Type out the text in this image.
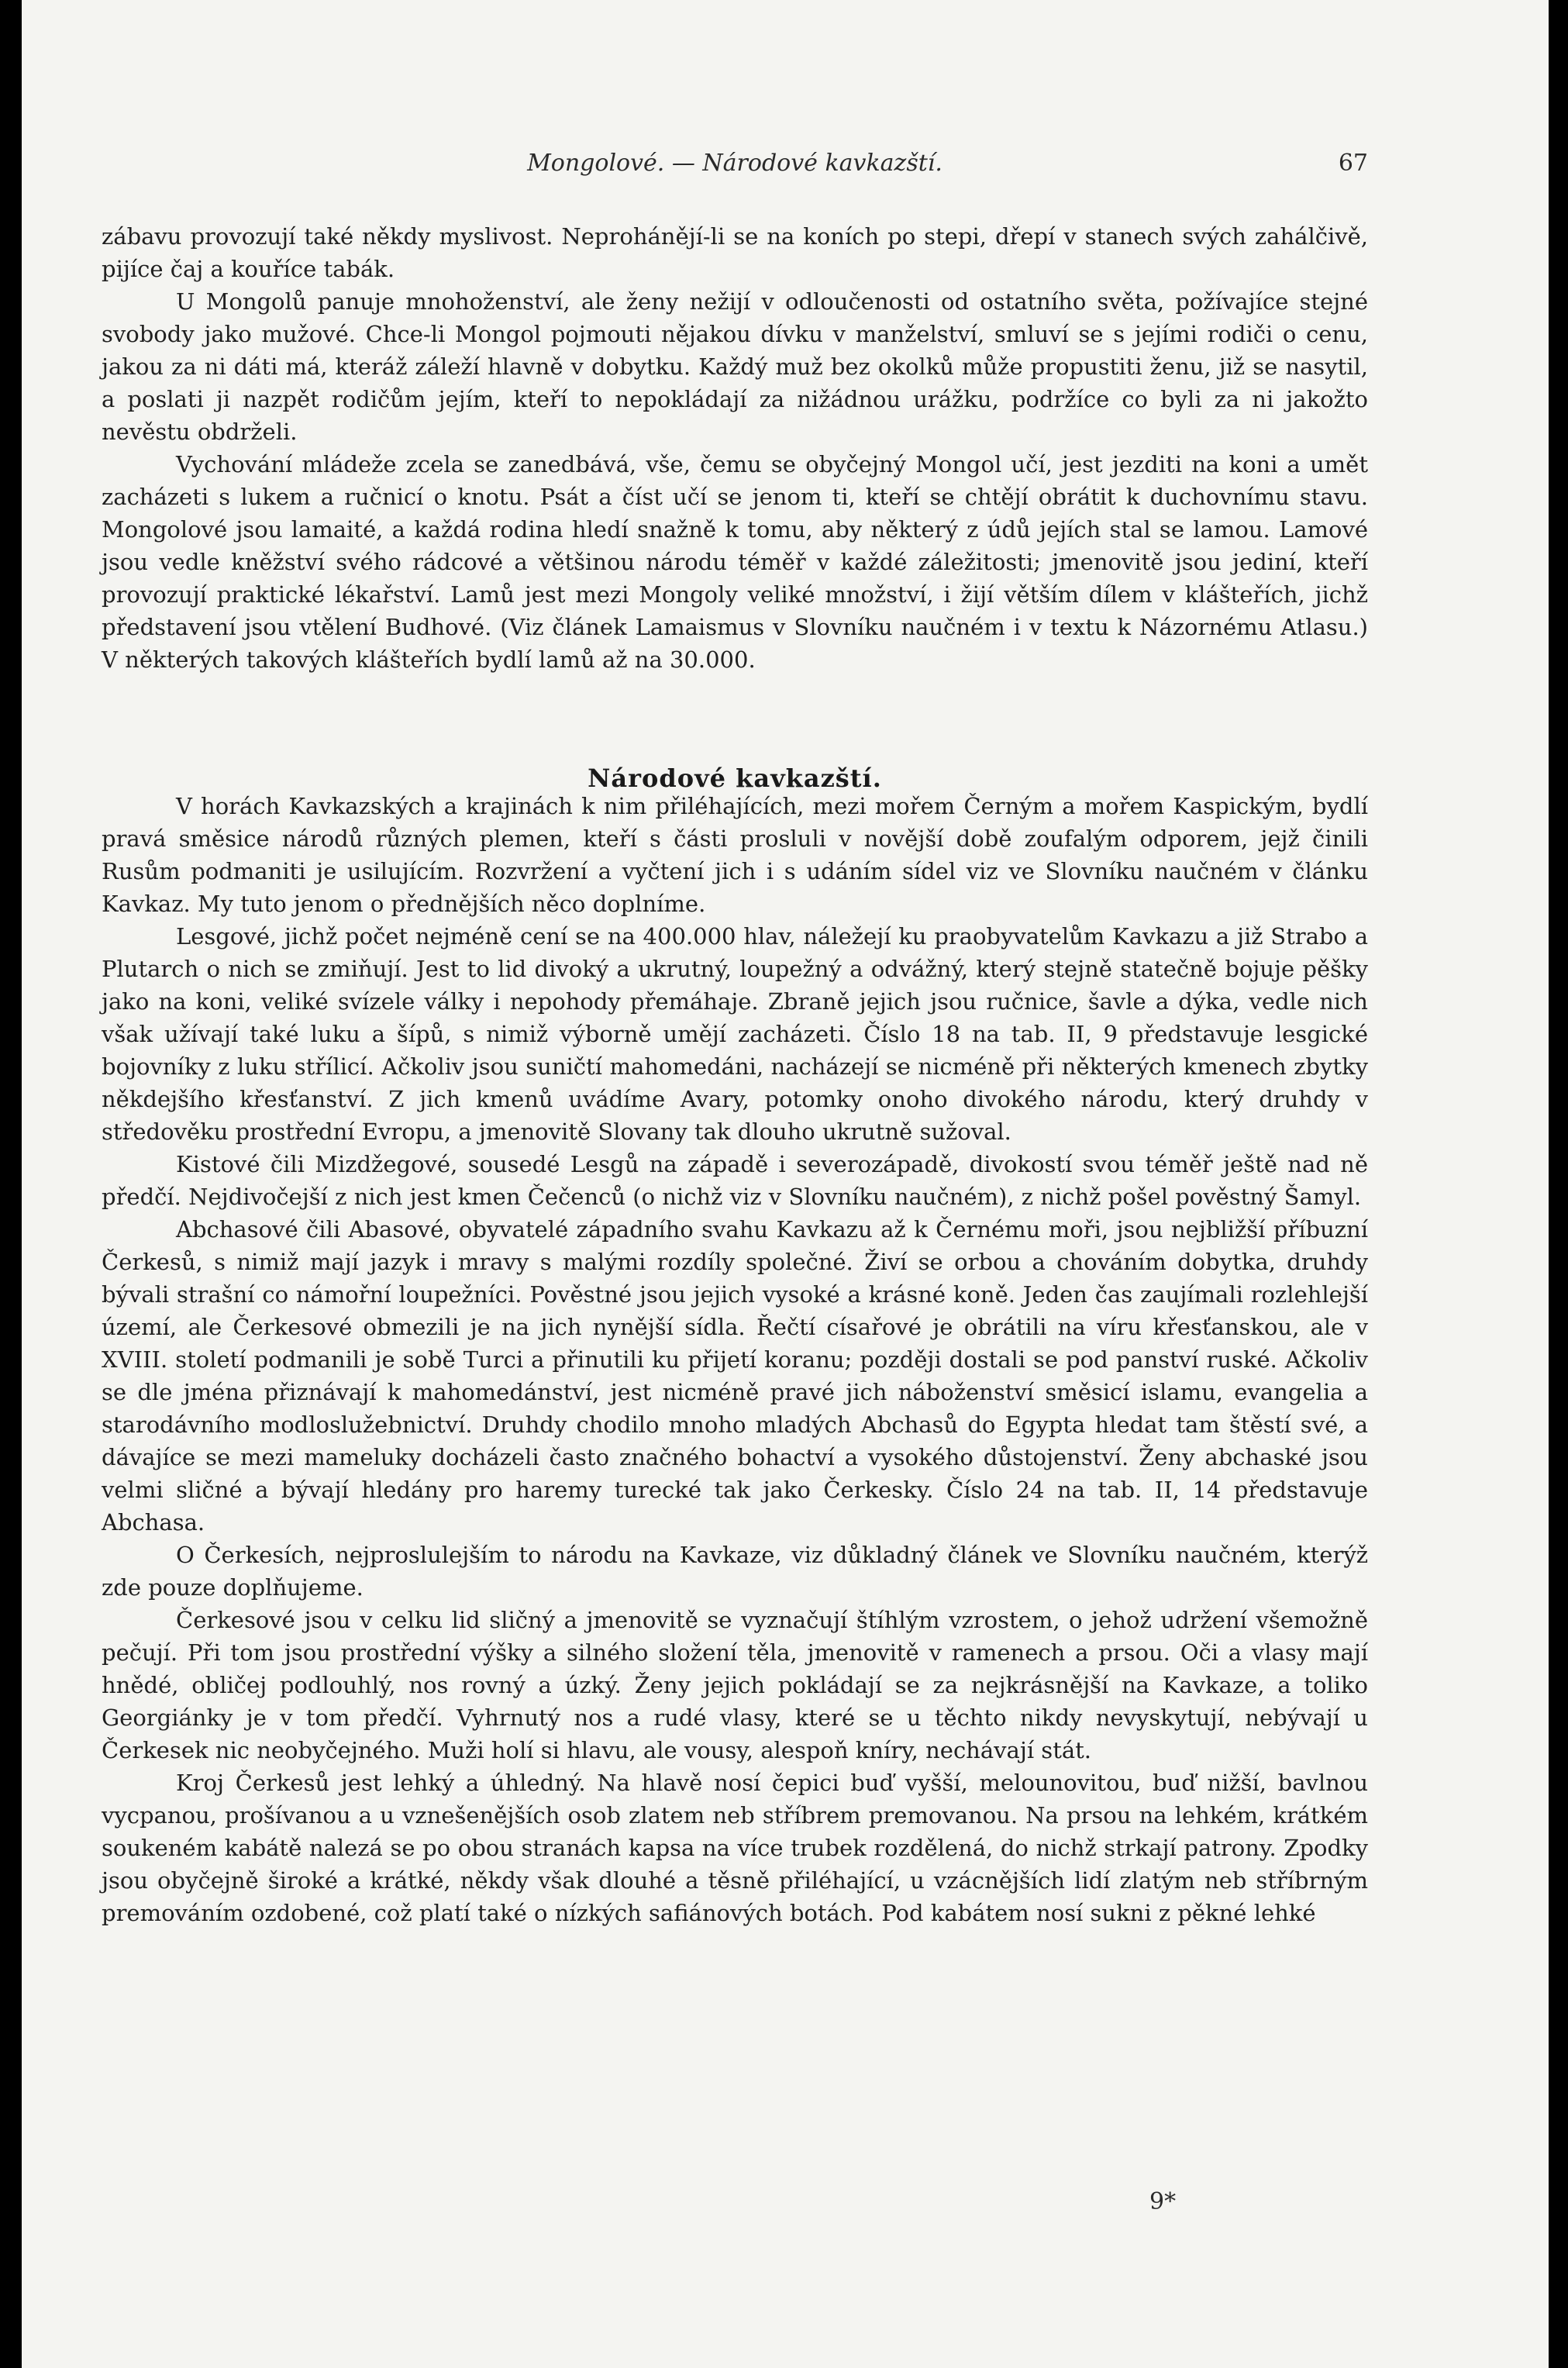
Mongolové. — Národové kavkazští.	67

zábavu provozují také někdy myslivost. Neprohánějí-li se na koních po stepi, dřepí v stanech svých zahálčivě, pijíce čaj a kouříce tabák.

U Mongolů panuje mnohoženství, ale ženy nežijí v odloučenosti od ostatního světa, požívajíce stejné svobody jako mužové. Chce-li Mongol pojmouti nějakou dívku v manželství, smluví se s jejími rodiči o cenu, jakou za ni dáti má, kteráž záleží hlavně v dobytku. Každý muž bez okolků může propustiti ženu, již se nasytil, a poslati ji nazpět rodičům jejím, kteří to nepokládají za nižádnou urážku, podržíce co byli za ni jakožto nevěstu obdrželi.

Vychování mládeže zcela se zanedbává, vše, čemu se obyčejný Mongol učí, jest jezditi na koni a umět zacházeti s lukem a ručnicí o knotu. Psát a číst učí se jenom ti, kteří se chtějí obrátit k duchovnímu stavu. Mongolové jsou lamaité, a každá rodina hledí snažně k tomu, aby některý z údů jejích stal se lamou. Lamové jsou vedle kněžství svého rádcové a většinou národu téměř v každé záležitosti; jmenovitě jsou jediní, kteří provozují praktické lékařství. Lamů jest mezi Mongoly veliké množství, i žijí větším dílem v klášteřích, jichž představení jsou vtělení Budhové. (Viz článek Lamaismus v Slovníku naučném i v textu k Názornému Atlasu.) V některých takových klášteřích bydlí lamů až na 30.000.

Národové kavkazští.

V horách Kavkazských a krajinách k nim přiléhajících, mezi mořem Černým a mořem Kaspickým, bydlí pravá směsice národů různých plemen, kteří s části prosluli v novější době zoufalým odporem, jejž činili Rusům podmaniti je usilujícím. Rozvržení a vyčtení jich i s udáním sídel viz ve Slovníku naučném v článku Kavkaz. My tuto jenom o přednějších něco doplníme.

Lesgové, jichž počet nejméně cení se na 400.000 hlav, náležejí ku praobyvatelům Kavkazu a již Strabo a Plutarch o nich se zmiňují. Jest to lid divoký a ukrutný, loupežný a odvážný, který stejně statečně bojuje pěšky jako na koni, veliké svízele války i nepohody přemáhaje. Zbraně jejich jsou ručnice, šavle a dýka, vedle nich však užívají také luku a šípů, s nimiž výborně umějí zacházeti. Číslo 18 na tab. II, 9 představuje lesgické bojovníky z luku střílicí. Ačkoliv jsou suničtí mahomedáni, nacházejí se nicméně při některých kmenech zbytky někdejšího křesťanství. Z jich kmenů uvádíme Avary, potomky onoho divokého národu, který druhdy v středověku prostřední Evropu, a jmenovitě Slovany tak dlouho ukrutně sužoval.

Kistové čili Mizdžegové, sousedé Lesgů na západě i severozápadě, divokostí svou téměř ještě nad ně předčí. Nejdivočejší z nich jest kmen Čečenců (o nichž viz v Slovníku naučném), z nichž pošel pověstný Šamyl.

Abchasové čili Abasové, obyvatelé západního svahu Kavkazu až k Černému moři, jsou nejbližší příbuzní Čerkesů, s nimiž mají jazyk i mravy s malými rozdíly společné. Živí se orbou a chováním dobytka, druhdy bývali strašní co námořní loupežníci. Pověstné jsou jejich vysoké a krásné koně. Jeden čas zaujímali rozlehlejší území, ale Čerkesové obmezili je na jich nynější sídla. Řečtí císařové je obrátili na víru křesťanskou, ale v XVIII. století podmanili je sobě Turci a přinutili ku přijetí koranu; později dostali se pod panství ruské. Ačkoliv se dle jména přiznávají k mahomedánství, jest nicméně pravé jich náboženství směsicí islamu, evangelia a starodávního modloslužebnictví. Druhdy chodilo mnoho mladých Abchasů do Egypta hledat tam štěstí své, a dávajíce se mezi mameluky docházeli často značného bohactví a vysokého důstojenství. Ženy abchaské jsou velmi sličné a bývají hledány pro haremy turecké tak jako Čerkesky. Číslo 24 na tab. II, 14 představuje Abchasa.

O Čerkesích, nejproslulejším to národu na Kavkaze, viz důkladný článek ve Slovníku naučném, kterýž zde pouze doplňujeme.

Čerkesové jsou v celku lid sličný a jmenovitě se vyznačují štíhlým vzrostem, o jehož udržení všemožně pečují. Při tom jsou prostřední výšky a silného složení těla, jmenovitě v ramenech a prsou. Oči a vlasy mají hnědé, obličej podlouhlý, nos rovný a úzký. Ženy jejich pokládají se za nejkrásnější na Kavkaze, a toliko Georgiánky je v tom předčí. Vyhrnutý nos a rudé vlasy, které se u těchto nikdy nevyskytují, nebývají u Čerkesek nic neobyčejného. Muži holí si hlavu, ale vousy, alespoň kníry, nechávají stát.

Kroj Čerkesů jest lehký a úhledný. Na hlavě nosí čepici buď vyšší, melounovitou, buď nižší, bavlnou vycpanou, prošívanou a u vznešenějších osob zlatem neb stříbrem premovanou. Na prsou na lehkém, krátkém soukeném kabátě nalezá se po obou stranách kapsa na více trubek rozdělená, do nichž strkají patrony. Zpodky jsou obyčejně široké a krátké, někdy však dlouhé a těsně přiléhající, u vzácnějších lidí zlatým neb stříbrným premováním ozdobené, což platí také o nízkých safiánových botách. Pod kabátem nosí sukni z pěkné lehké

9*
